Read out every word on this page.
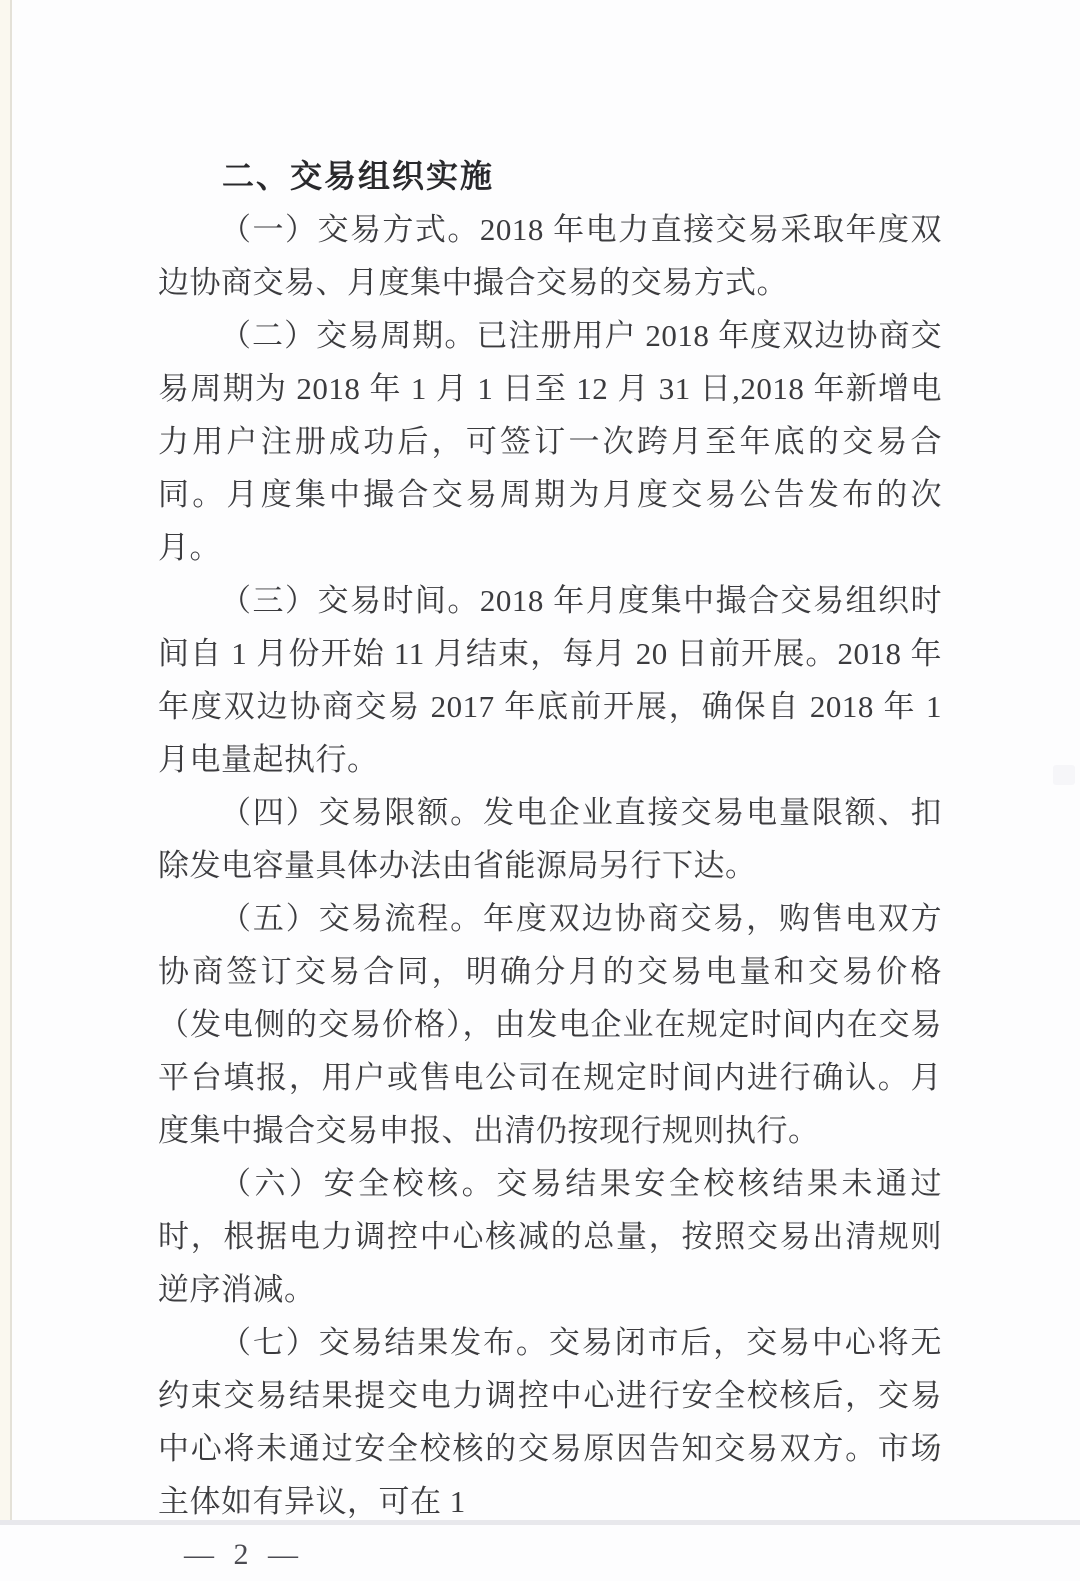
二、交易组织实施

（一）交易方式。2018 年电力直接交易采取年度双边协商交易、月度集中撮合交易的交易方式。

（二）交易周期。已注册用户 2018 年度双边协商交易周期为 2018 年 1 月 1 日至 12 月 31 日,2018 年新增电力用户注册成功后，可签订一次跨月至年底的交易合同。月度集中撮合交易周期为月度交易公告发布的次月。

（三）交易时间。2018 年月度集中撮合交易组织时间自 1 月份开始 11 月结束，每月 20 日前开展。2018 年年度双边协商交易 2017 年底前开展，确保自 2018 年 1 月电量起执行。

（四）交易限额。发电企业直接交易电量限额、扣除发电容量具体办法由省能源局另行下达。

（五）交易流程。年度双边协商交易，购售电双方协商签订交易合同，明确分月的交易电量和交易价格（发电侧的交易价格），由发电企业在规定时间内在交易平台填报，用户或售电公司在规定时间内进行确认。月度集中撮合交易申报、出清仍按现行规则执行。

（六）安全校核。交易结果安全校核结果未通过时，根据电力调控中心核减的总量，按照交易出清规则逆序消减。

（七）交易结果发布。交易闭市后，交易中心将无约束交易结果提交电力调控中心进行安全校核后，交易中心将未通过安全校核的交易原因告知交易双方。市场主体如有异议，可在 1

— 2 —
